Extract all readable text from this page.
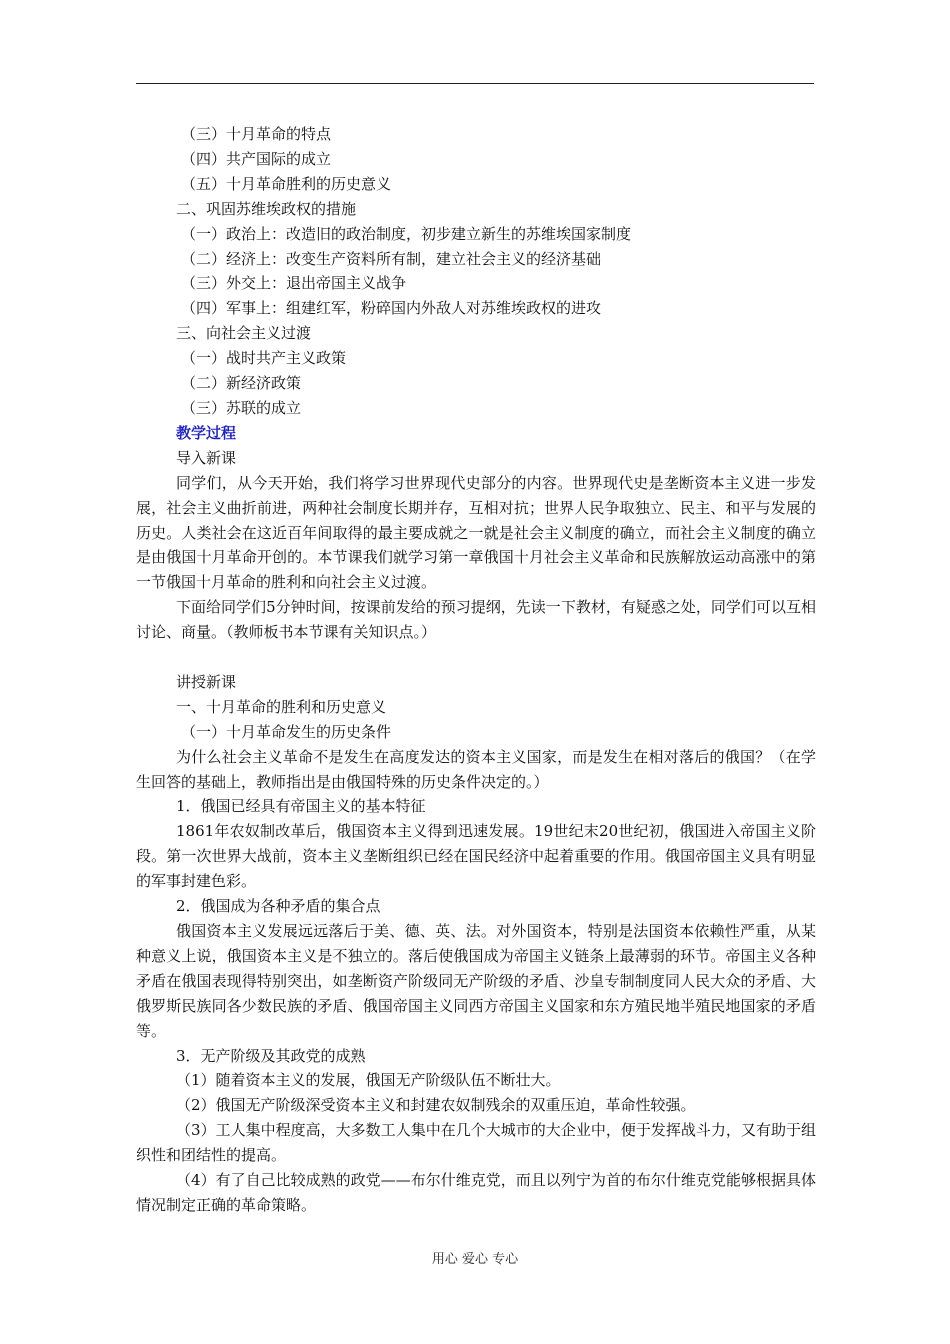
（三）十月革命的特点
（四）共产国际的成立
（五）十月革命胜利的历史意义
二、巩固苏维埃政权的措施
（一）政治上：改造旧的政治制度，初步建立新生的苏维埃国家制度
（二）经济上：改变生产资料所有制，建立社会主义的经济基础
（三）外交上：退出帝国主义战争
（四）军事上：组建红军，粉碎国内外敌人对苏维埃政权的进攻
三、向社会主义过渡
（一）战时共产主义政策
（二）新经济政策
（三）苏联的成立
教学过程
导入新课
同学们，从今天开始，我们将学习世界现代史部分的内容。世界现代史是垄断资本主义进一步发展，社会主义曲折前进，两种社会制度长期并存，互相对抗；世界人民争取独立、民主、和平与发展的历史。人类社会在这近百年间取得的最主要成就之一就是社会主义制度的确立，而社会主义制度的确立是由俄国十月革命开创的。本节课我们就学习第一章俄国十月社会主义革命和民族解放运动高涨中的第一节俄国十月革命的胜利和向社会主义过渡。
下面给同学们5分钟时间，按课前发给的预习提纲，先读一下教材，有疑惑之处，同学们可以互相讨论、商量。（教师板书本节课有关知识点。）
讲授新课
一、十月革命的胜利和历史意义
（一）十月革命发生的历史条件
为什么社会主义革命不是发生在高度发达的资本主义国家，而是发生在相对落后的俄国？（在学生回答的基础上，教师指出是由俄国特殊的历史条件决定的。）
1．俄国已经具有帝国主义的基本特征
1861年农奴制改革后，俄国资本主义得到迅速发展。19世纪末20世纪初，俄国进入帝国主义阶段。第一次世界大战前，资本主义垄断组织已经在国民经济中起着重要的作用。俄国帝国主义具有明显的军事封建色彩。
2．俄国成为各种矛盾的集合点
俄国资本主义发展远远落后于美、德、英、法。对外国资本，特别是法国资本依赖性严重，从某种意义上说，俄国资本主义是不独立的。落后使俄国成为帝国主义链条上最薄弱的环节。帝国主义各种矛盾在俄国表现得特别突出，如垄断资产阶级同无产阶级的矛盾、沙皇专制制度同人民大众的矛盾、大俄罗斯民族同各少数民族的矛盾、俄国帝国主义同西方帝国主义国家和东方殖民地半殖民地国家的矛盾等。
3．无产阶级及其政党的成熟
（1）随着资本主义的发展，俄国无产阶级队伍不断壮大。
（2）俄国无产阶级深受资本主义和封建农奴制残余的双重压迫，革命性较强。
（3）工人集中程度高，大多数工人集中在几个大城市的大企业中，便于发挥战斗力，又有助于组织性和团结性的提高。
（4）有了自己比较成熟的政党——布尔什维克党，而且以列宁为首的布尔什维克党能够根据具体情况制定正确的革命策略。
用心 爱心 专心
